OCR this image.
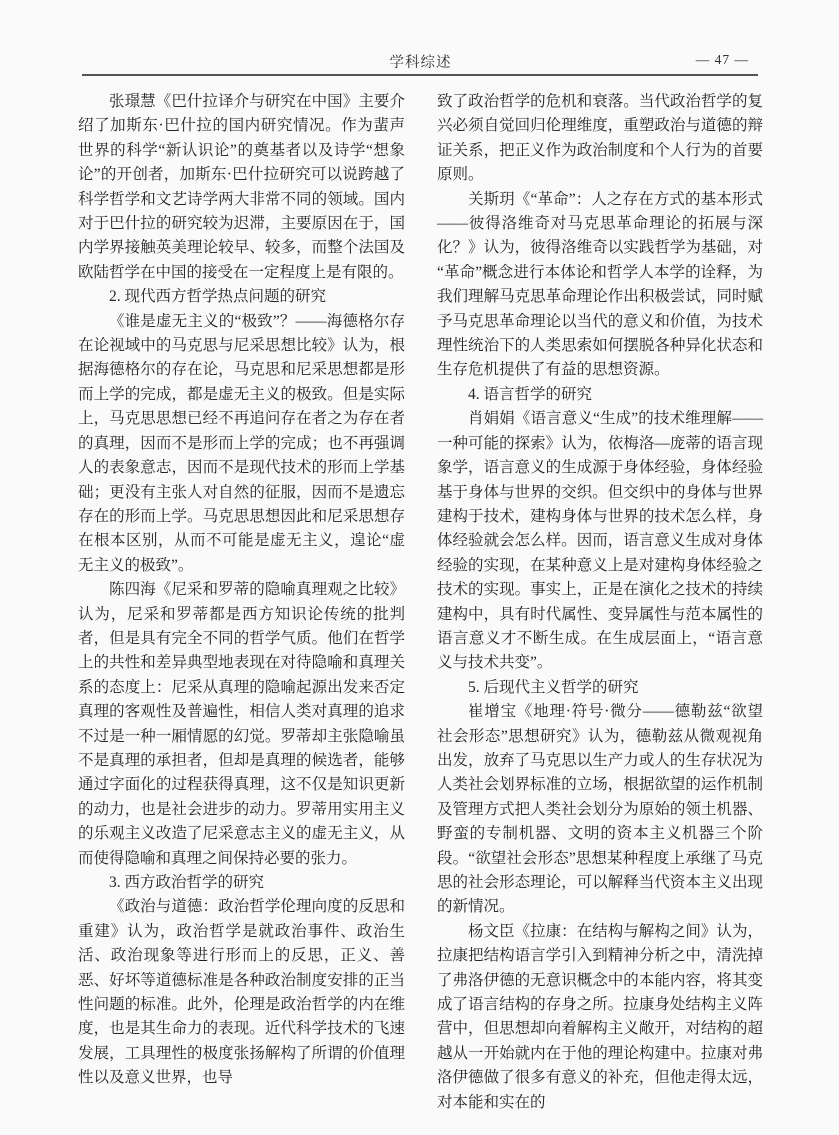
学科综述	— 47 —

张璟慧《巴什拉译介与研究在中国》主要介绍了加斯东·巴什拉的国内研究情况。作为蜚声世界的科学“新认识论”的奠基者以及诗学“想象论”的开创者，加斯东·巴什拉研究可以说跨越了科学哲学和文艺诗学两大非常不同的领域。国内对于巴什拉的研究较为迟滞，主要原因在于，国内学界接触英美理论较早、较多，而整个法国及欧陆哲学在中国的接受在一定程度上是有限的。

2. 现代西方哲学热点问题的研究

《谁是虚无主义的“极致”？——海德格尔存在论视域中的马克思与尼采思想比较》认为，根据海德格尔的存在论，马克思和尼采思想都是形而上学的完成，都是虚无主义的极致。但是实际上，马克思思想已经不再追问存在者之为存在者的真理，因而不是形而上学的完成；也不再强调人的表象意志，因而不是现代技术的形而上学基础；更没有主张人对自然的征服，因而不是遗忘存在的形而上学。马克思思想因此和尼采思想存在根本区别，从而不可能是虚无主义，遑论“虚无主义的极致”。

陈四海《尼采和罗蒂的隐喻真理观之比较》认为，尼采和罗蒂都是西方知识论传统的批判者，但是具有完全不同的哲学气质。他们在哲学上的共性和差异典型地表现在对待隐喻和真理关系的态度上：尼采从真理的隐喻起源出发来否定真理的客观性及普遍性，相信人类对真理的追求不过是一种一厢情愿的幻觉。罗蒂却主张隐喻虽不是真理的承担者，但却是真理的候选者，能够通过字面化的过程获得真理，这不仅是知识更新的动力，也是社会进步的动力。罗蒂用实用主义的乐观主义改造了尼采意志主义的虚无主义，从而使得隐喻和真理之间保持必要的张力。

3. 西方政治哲学的研究

《政治与道德：政治哲学伦理向度的反思和重建》认为，政治哲学是就政治事件、政治生活、政治现象等进行形而上的反思，正义、善恶、好坏等道德标准是各种政治制度安排的正当性问题的标准。此外，伦理是政治哲学的内在维度，也是其生命力的表现。近代科学技术的飞速发展，工具理性的极度张扬解构了所谓的价值理性以及意义世界，也导

致了政治哲学的危机和衰落。当代政治哲学的复兴必须自觉回归伦理维度，重塑政治与道德的辩证关系，把正义作为政治制度和个人行为的首要原则。

关斯玥《“革命”：人之存在方式的基本形式——彼得洛维奇对马克思革命理论的拓展与深化？》认为，彼得洛维奇以实践哲学为基础，对“革命”概念进行本体论和哲学人本学的诠释，为我们理解马克思革命理论作出积极尝试，同时赋予马克思革命理论以当代的意义和价值，为技术理性统治下的人类思索如何摆脱各种异化状态和生存危机提供了有益的思想资源。

4. 语言哲学的研究

肖娟娟《语言意义“生成”的技术维理解——一种可能的探索》认为，依梅洛—庞蒂的语言现象学，语言意义的生成源于身体经验，身体经验基于身体与世界的交织。但交织中的身体与世界建构于技术，建构身体与世界的技术怎么样，身体经验就会怎么样。因而，语言意义生成对身体经验的实现，在某种意义上是对建构身体经验之技术的实现。事实上，正是在演化之技术的持续建构中，具有时代属性、变异属性与范本属性的语言意义才不断生成。在生成层面上，“语言意义与技术共变”。

5. 后现代主义哲学的研究

崔增宝《地理·符号·微分——德勒兹“欲望社会形态”思想研究》认为，德勒兹从微观视角出发，放弃了马克思以生产力或人的生存状况为人类社会划界标准的立场，根据欲望的运作机制及管理方式把人类社会划分为原始的领土机器、野蛮的专制机器、文明的资本主义机器三个阶段。“欲望社会形态”思想某种程度上承继了马克思的社会形态理论，可以解释当代资本主义出现的新情况。

杨文臣《拉康：在结构与解构之间》认为，拉康把结构语言学引入到精神分析之中，清洗掉了弗洛伊德的无意识概念中的本能内容，将其变成了语言结构的存身之所。拉康身处结构主义阵营中，但思想却向着解构主义敞开，对结构的超越从一开始就内在于他的理论构建中。拉康对弗洛伊德做了很多有意义的补充，但他走得太远，对本能和实在的
